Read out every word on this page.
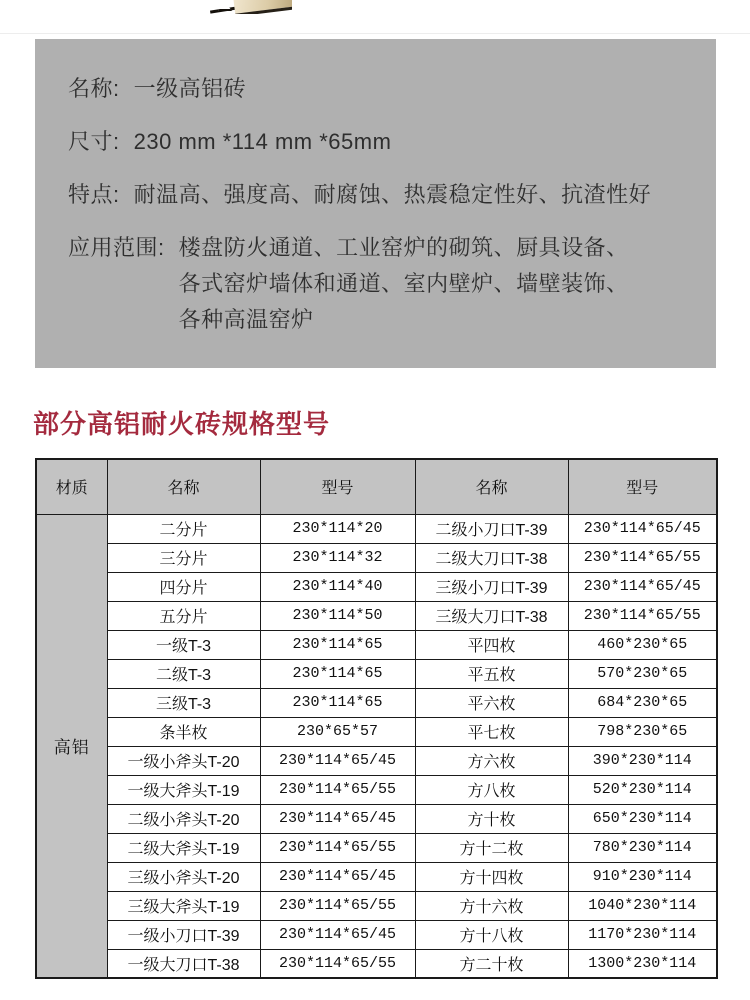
名称: 一级高铝砖
尺寸: 230 mm *114 mm *65mm
特点: 耐温高、强度高、耐腐蚀、热震稳定性好、抗渣性好
应用范围: 楼盘防火通道、工业窑炉的砌筑、厨具设备、
各式窑炉墙体和通道、室内壁炉、墙壁装饰、
各种高温窑炉
部分高铝耐火砖规格型号
材质	名称	型号	名称	型号
高铝	二分片	230*114*20	二级小刀口T-39	230*114*65/45
	三分片	230*114*32	二级大刀口T-38	230*114*65/55
	四分片	230*114*40	三级小刀口T-39	230*114*65/45
	五分片	230*114*50	三级大刀口T-38	230*114*65/55
	一级T-3	230*114*65	平四枚	460*230*65
	二级T-3	230*114*65	平五枚	570*230*65
	三级T-3	230*114*65	平六枚	684*230*65
	条半枚	230*65*57	平七枚	798*230*65
	一级小斧头T-20	230*114*65/45	方六枚	390*230*114
	一级大斧头T-19	230*114*65/55	方八枚	520*230*114
	二级小斧头T-20	230*114*65/45	方十枚	650*230*114
	二级大斧头T-19	230*114*65/55	方十二枚	780*230*114
	三级小斧头T-20	230*114*65/45	方十四枚	910*230*114
	三级大斧头T-19	230*114*65/55	方十六枚	1040*230*114
	一级小刀口T-39	230*114*65/45	方十八枚	1170*230*114
	一级大刀口T-38	230*114*65/55	方二十枚	1300*230*114
